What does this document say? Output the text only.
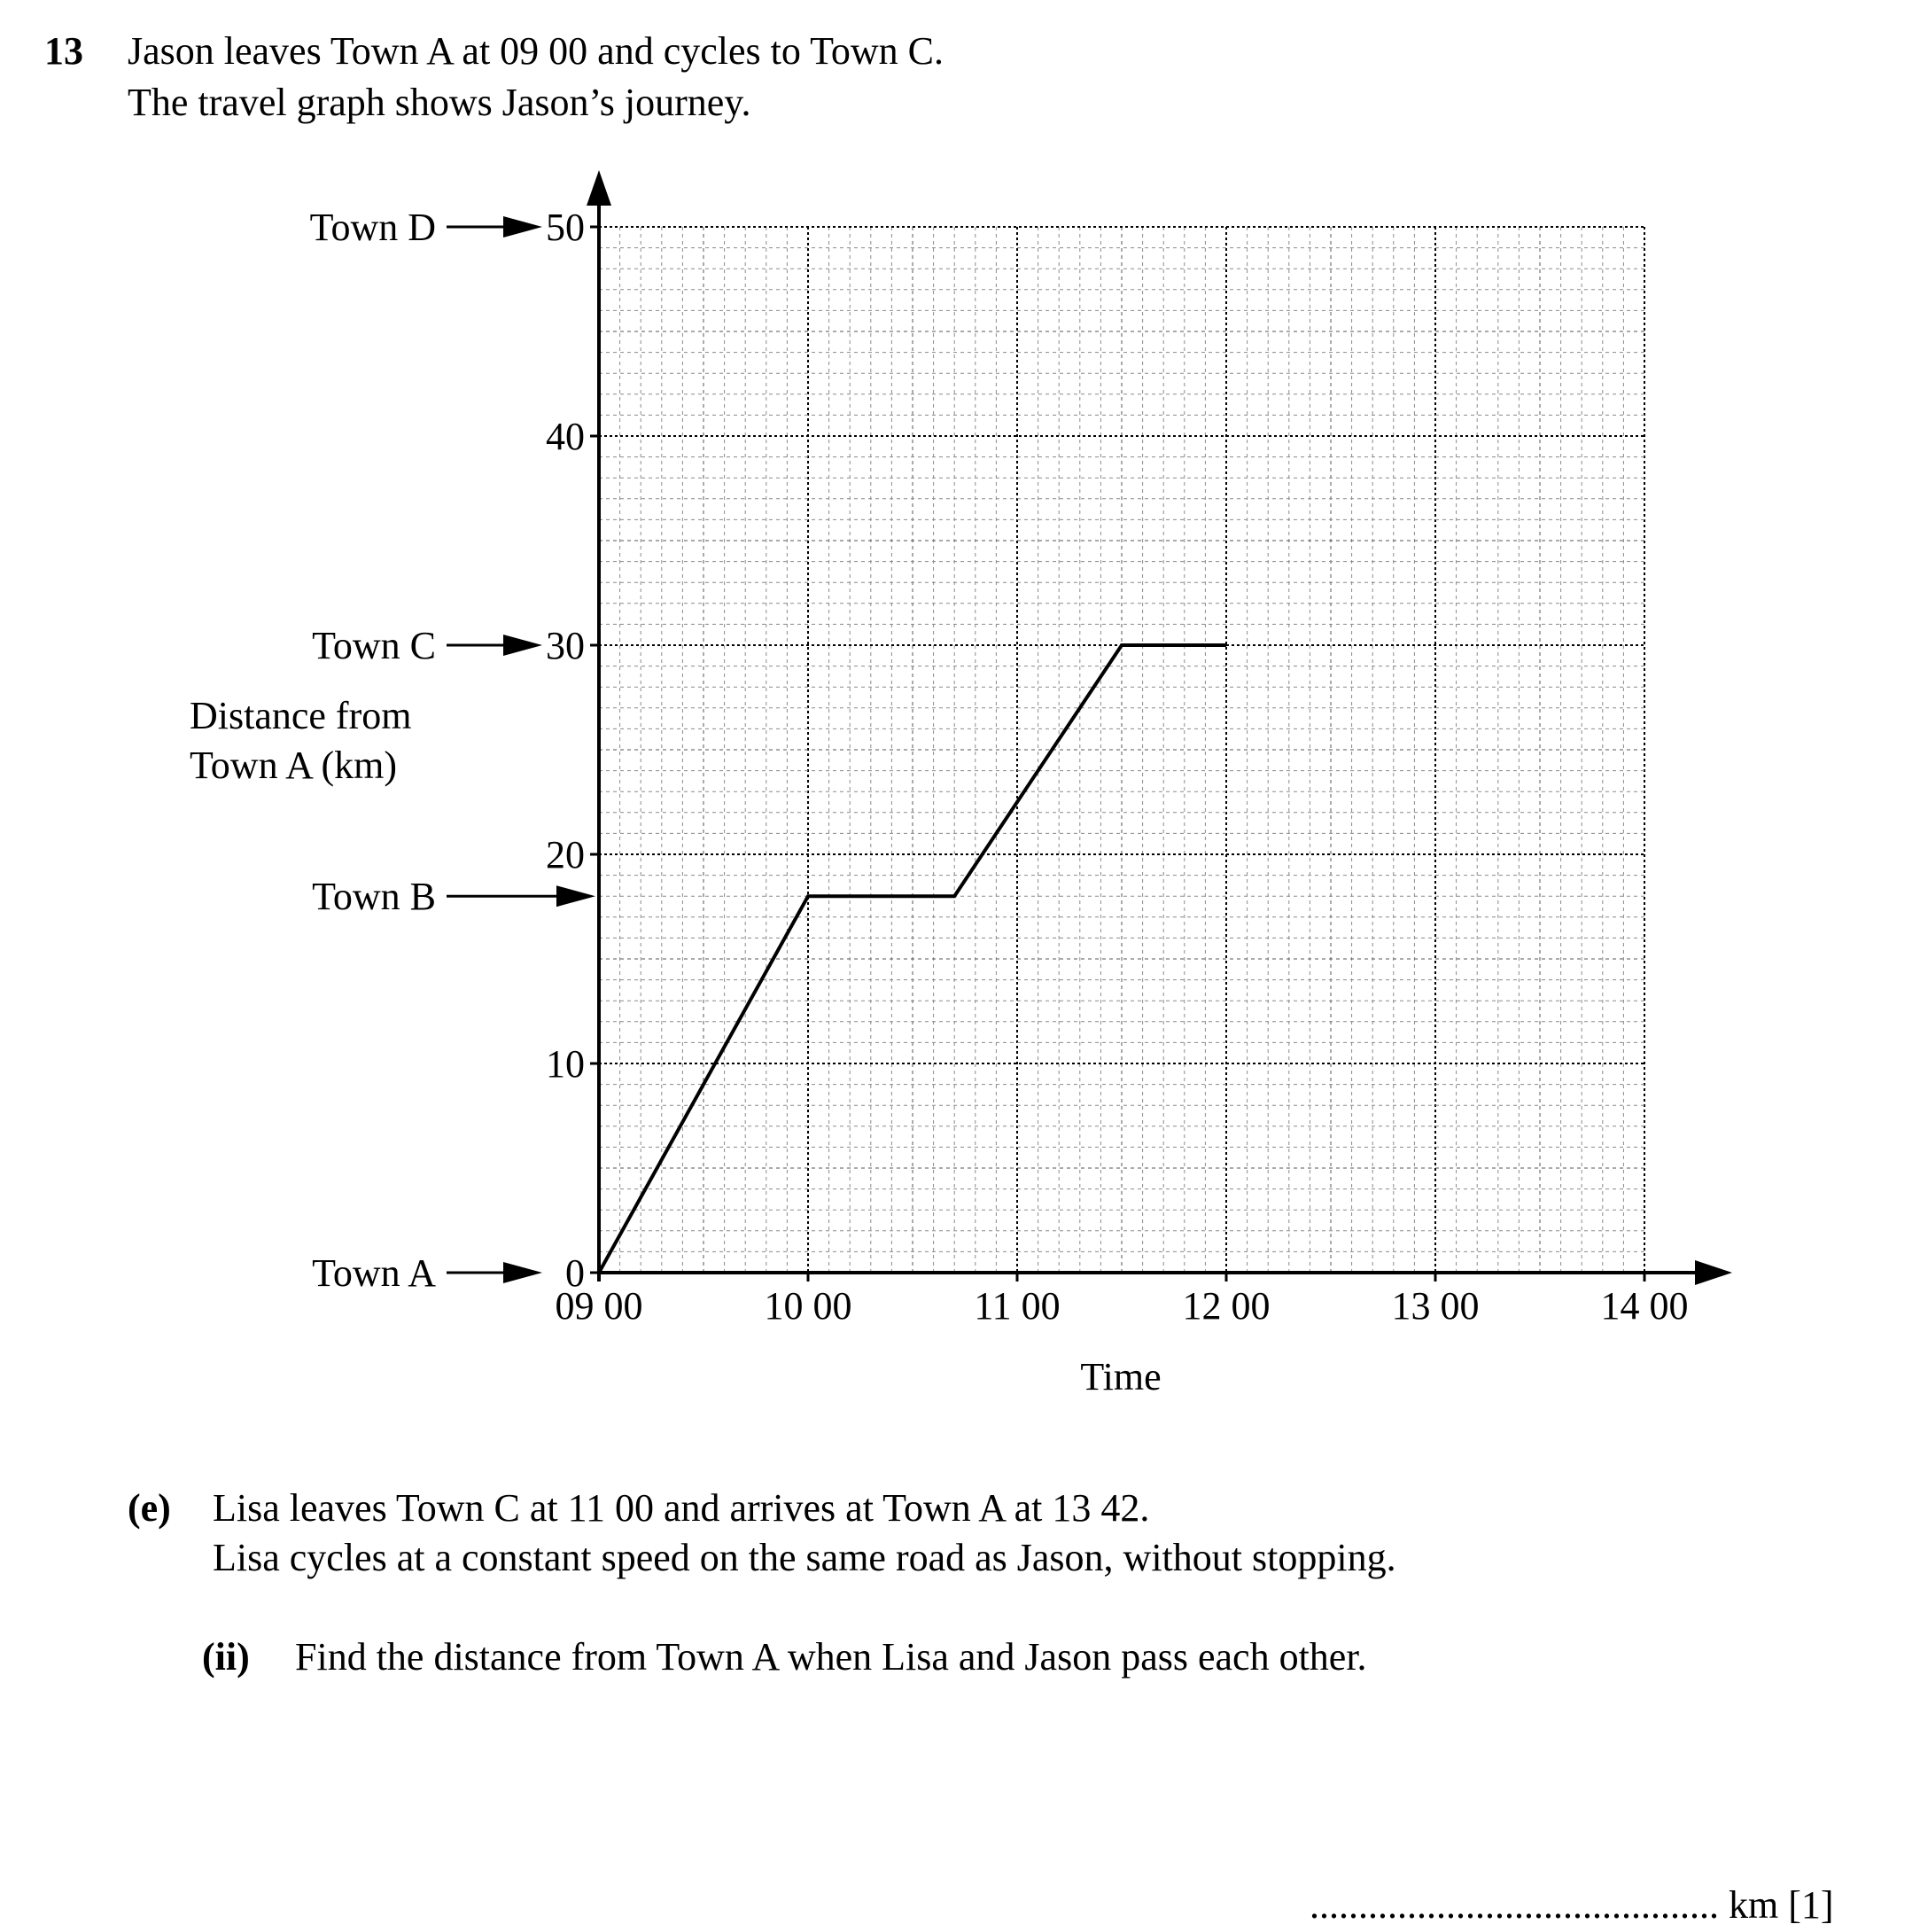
13 Jason leaves Town A at 09 00 and cycles to Town C.
The travel graph shows Jason’s journey.
0
10
20
30
40
50
09 00	10 00	11 00	12 00	13 00	14 00
Time
Distance from
Town A (km)
Town D
Town C
Town B
Town A
(e) Lisa leaves Town C at 11 00 and arrives at Town A at 13 42.
Lisa cycles at a constant speed on the same road as Jason, without stopping.
(ii) Find the distance from Town A when Lisa and Jason pass each other.
.......................................... km [1]
